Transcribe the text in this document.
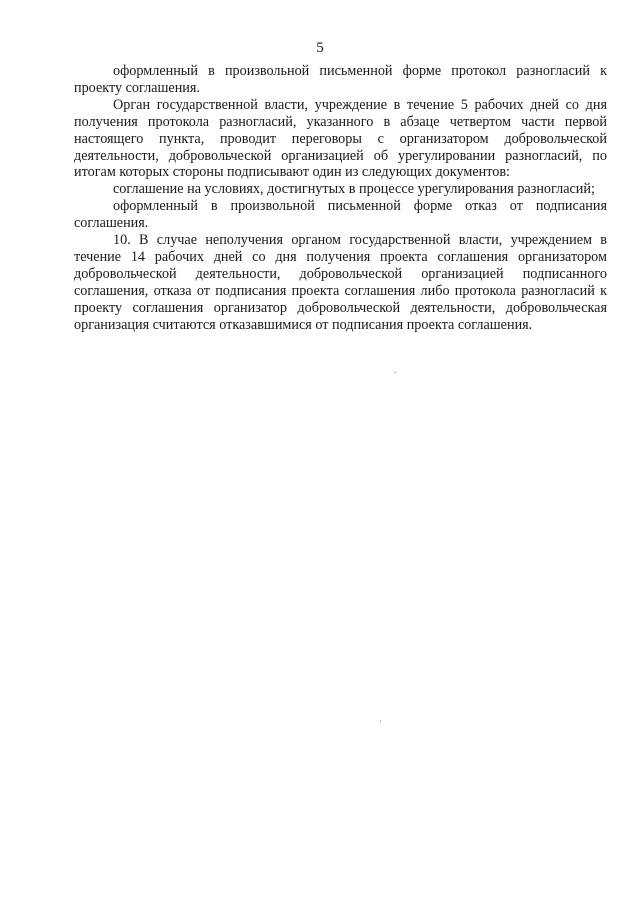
5

оформленный в произвольной письменной форме протокол разногласий к проекту соглашения.

Орган государственной власти, учреждение в течение 5 рабочих дней со дня получения протокола разногласий, указанного в абзаце четвертом части первой настоящего пункта, проводит переговоры с организатором добровольческой деятельности, добровольческой организацией об урегулировании разногласий, по итогам которых стороны подписывают один из следующих документов:

соглашение на условиях, достигнутых в процессе урегулирования разногласий;

оформленный в произвольной письменной форме отказ от подписания соглашения.

10. В случае неполучения органом государственной власти, учреждением в течение 14 рабочих дней со дня получения проекта соглашения организатором добровольческой деятельности, добровольческой организацией подписанного соглашения, отказа от подписания проекта соглашения либо протокола разногласий к проекту соглашения организатор добровольческой деятельности, добровольческая организация считаются отказавшимися от подписания проекта соглашения.

.
·
